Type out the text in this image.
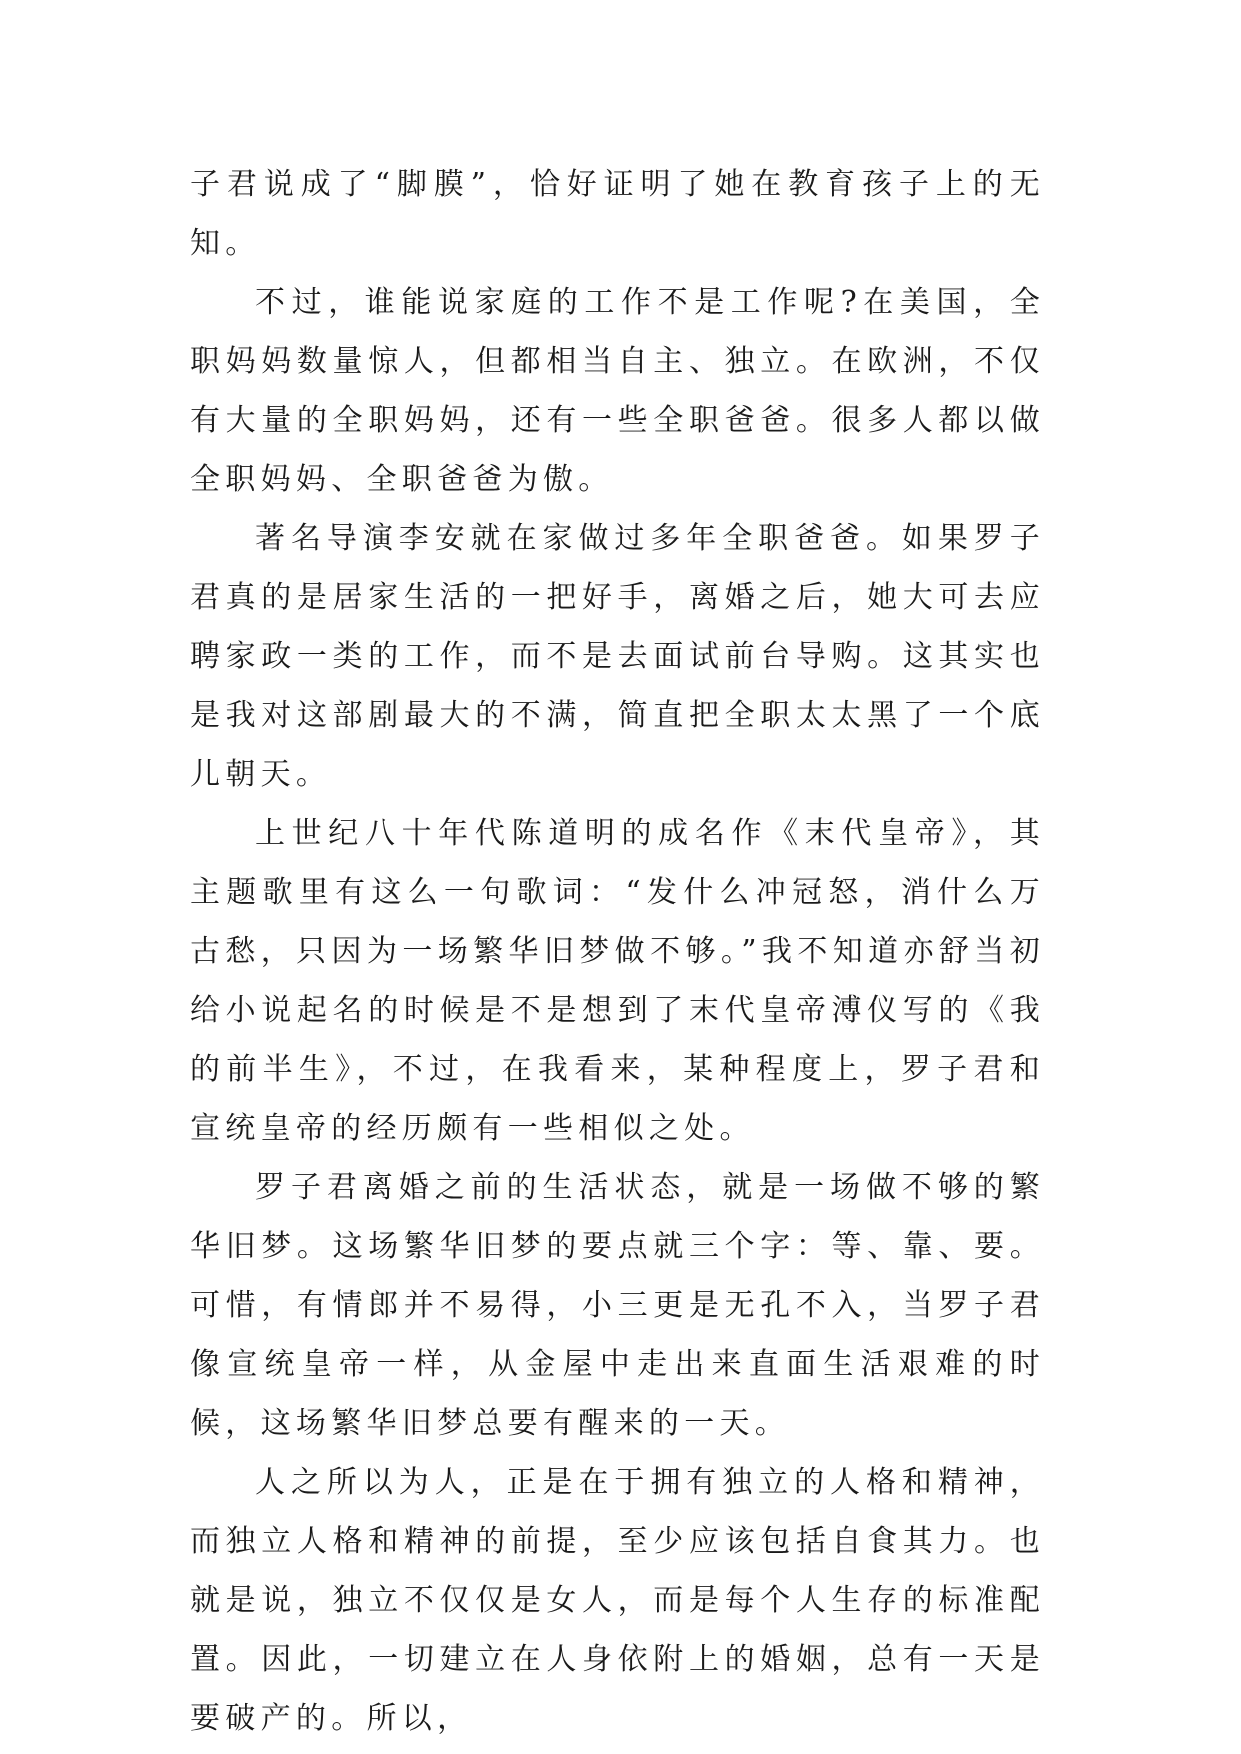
子君说成了“脚膜”，恰好证明了她在教育孩子上的无知。

不过，谁能说家庭的工作不是工作呢?在美国，全职妈妈数量惊人，但都相当自主、独立。在欧洲，不仅有大量的全职妈妈，还有一些全职爸爸。很多人都以做全职妈妈、全职爸爸为傲。

著名导演李安就在家做过多年全职爸爸。如果罗子君真的是居家生活的一把好手，离婚之后，她大可去应聘家政一类的工作，而不是去面试前台导购。这其实也是我对这部剧最大的不满，简直把全职太太黑了一个底儿朝天。

上世纪八十年代陈道明的成名作《末代皇帝》，其主题歌里有这么一句歌词：“发什么冲冠怒，消什么万古愁，只因为一场繁华旧梦做不够。”我不知道亦舒当初给小说起名的时候是不是想到了末代皇帝溥仪写的《我的前半生》，不过，在我看来，某种程度上，罗子君和宣统皇帝的经历颇有一些相似之处。

罗子君离婚之前的生活状态，就是一场做不够的繁华旧梦。这场繁华旧梦的要点就三个字：等、靠、要。可惜，有情郎并不易得，小三更是无孔不入，当罗子君像宣统皇帝一样，从金屋中走出来直面生活艰难的时候，这场繁华旧梦总要有醒来的一天。

人之所以为人，正是在于拥有独立的人格和精神，而独立人格和精神的前提，至少应该包括自食其力。也就是说，独立不仅仅是女人，而是每个人生存的标准配置。因此，一切建立在人身依附上的婚姻，总有一天是要破产的。所以，
